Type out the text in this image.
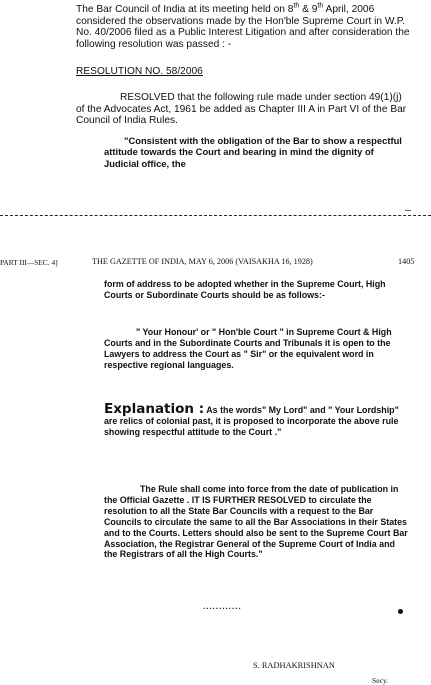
The Bar Council of India at its meeting held on 8th & 9th April, 2006 considered the observations made by the Hon'ble Supreme Court in W.P. No. 40/2006 filed as a Public Interest Litigation and after consideration the following resolution was passed : -
RESOLUTION NO. 58/2006
RESOLVED that the following rule made under section 49(1)(j) of the Advocates Act, 1961 be added as Chapter III A in Part VI of the Bar Council of India Rules.
"Consistent with the obligation of the Bar to show a respectful attitude towards the Court and bearing in mind the dignity of Judicial office, the
—
PART III—SEC. 4]	THE GAZETTE OF INDIA, MAY 6, 2006 (VAISAKHA 16, 1928)	1405
form of address to be adopted whether in the Supreme Court, High Courts or Subordinate Courts should be as follows:-
" Your Honour' or " Hon'ble Court " in Supreme Court & High Courts and in the Subordinate Courts and Tribunals it is open to the Lawyers to address the Court as " Sir" or the equivalent word in respective regional languages.
Explanation : As the words" My Lord" and " Your Lordship" are relics of colonial past, it is proposed to incorporate the above rule showing respectful attitude to the Court ."
The Rule shall come into force from the date of publication in the Official Gazette . IT IS FURTHER RESOLVED to circulate the resolution to all the State Bar Councils with a request to the Bar Councils to circulate the same to all the Bar Associations in their States and to the Courts. Letters should also be sent to the Supreme Court Bar Association, the Registrar General of the Supreme Court of India and the Registrars of all the High Courts."
............
S. RADHAKRISHNAN
Secy.
